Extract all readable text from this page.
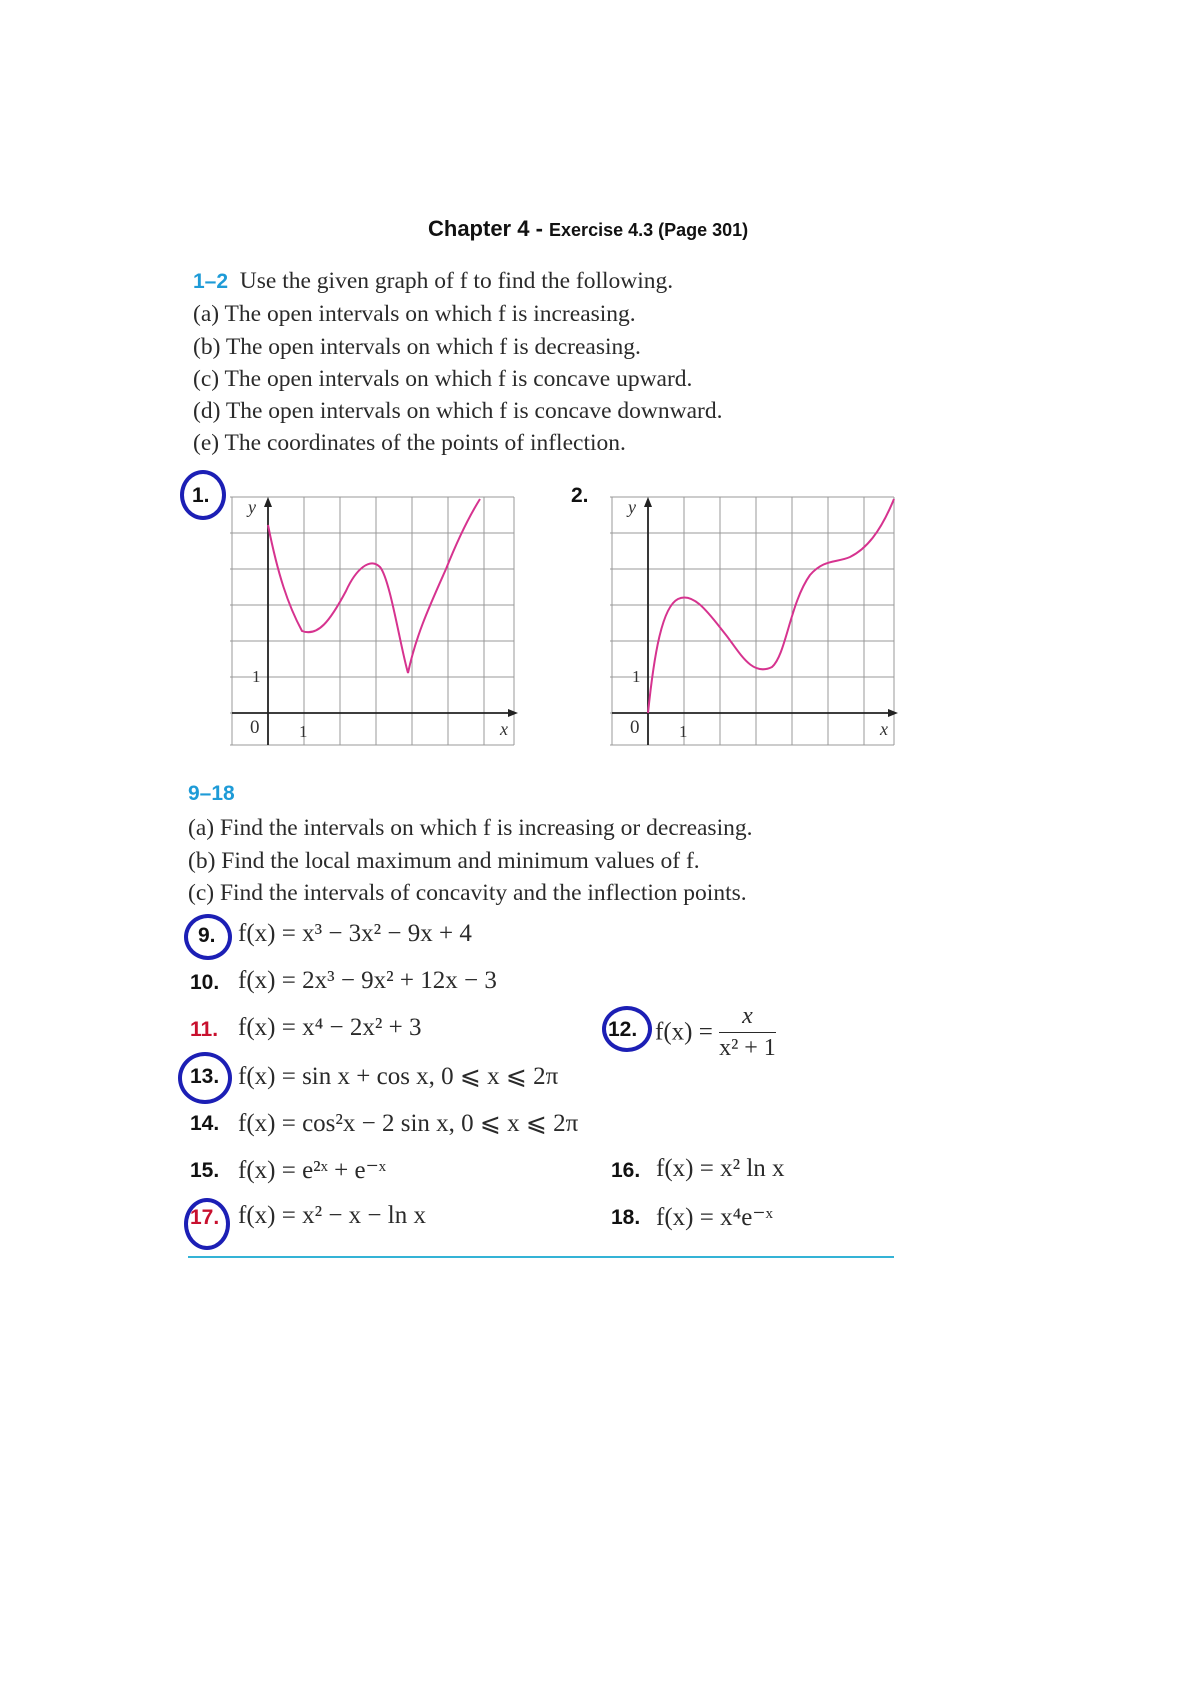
Chapter 4 - Exercise 4.3 (Page 301)
1–2 Use the given graph of f to find the following.
(a) The open intervals on which f is increasing.
(b) The open intervals on which f is decreasing.
(c) The open intervals on which f is concave upward.
(d) The open intervals on which f is concave downward.
(e) The coordinates of the points of inflection.
1. y
1
0 1	x
2. y
1
0 1	x
9–18
(a) Find the intervals on which f is increasing or decreasing.
(b) Find the local maximum and minimum values of f.
(c) Find the intervals of concavity and the inflection points.
9. f(x) = x³ − 3x² − 9x + 4
10. f(x) = 2x³ − 9x² + 12x − 3
11. f(x) = x⁴ − 2x² + 3	12. $f(x) = \frac{x}{\text{x² + 1}}$
13. f(x) = sin x + cos x, 0 ⩽ x ⩽ 2π
14. f(x) = cos²x − 2 sin x, 0 ⩽ x ⩽ 2π
15. f(x) = e²ˣ + e⁻ˣ	16. f(x) = x² ln x
17. f(x) = x² − x − ln x	18. f(x) = x⁴e⁻ˣ
